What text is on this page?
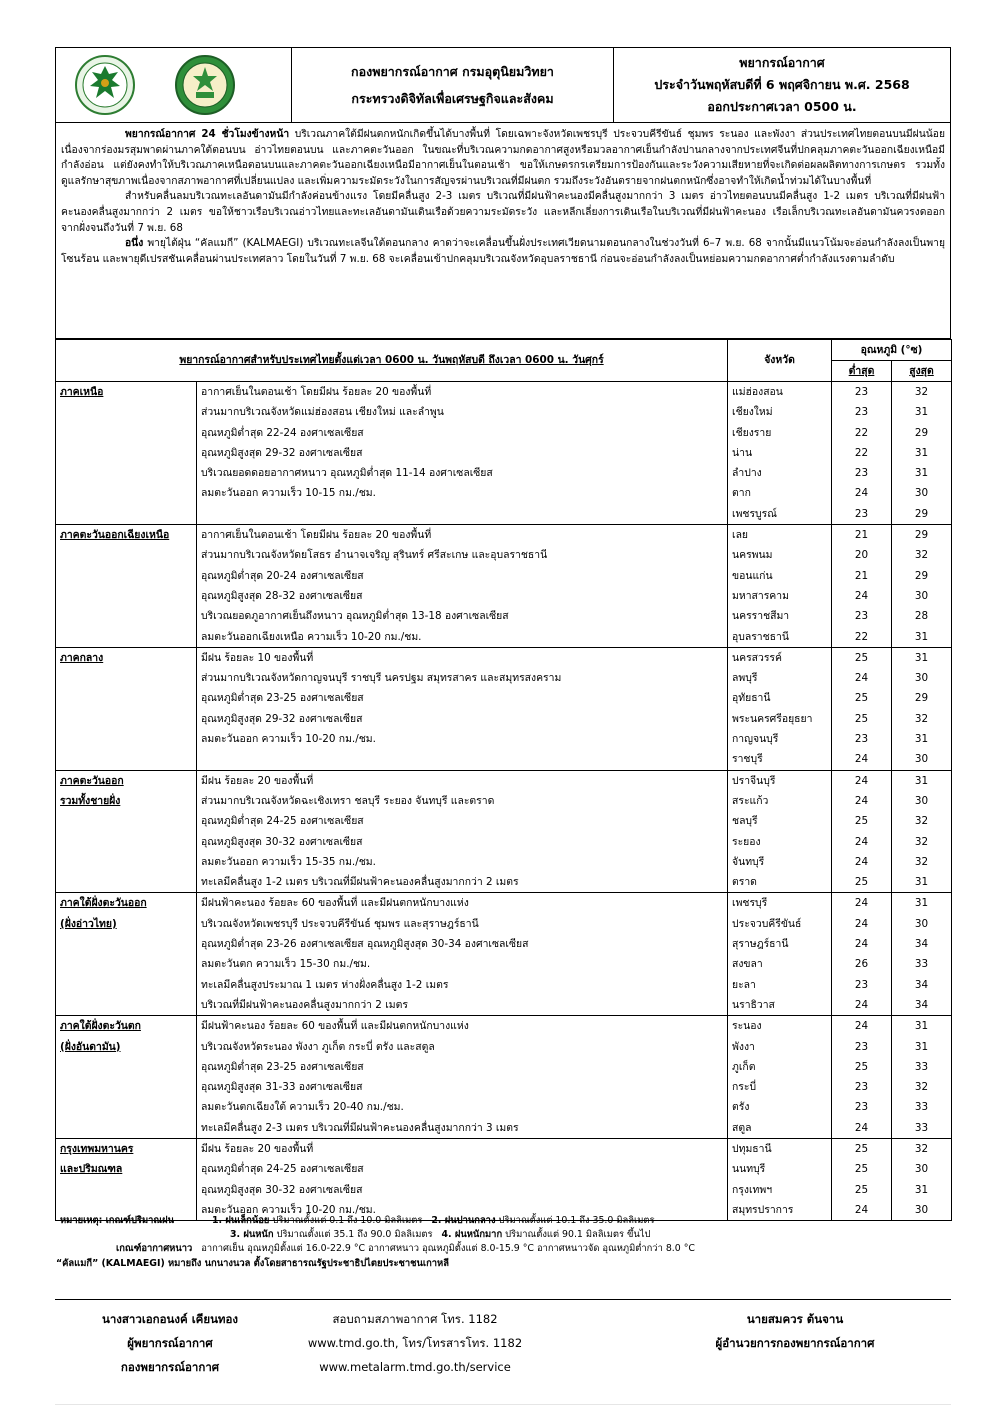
กองพยากรณ์อากาศ กรมอุตุนิยมวิทยา
กระทรวงดิจิทัลเพื่อเศรษฐกิจและสังคม
พยากรณ์อากาศ
ประจำวันพฤหัสบดีที่ 6 พฤศจิกายน พ.ศ. 2568
ออกประกาศเวลา 0500 น.

พยากรณ์อากาศ 24 ชั่วโมงข้างหน้า บริเวณภาคใต้มีฝนตกหนักเกิดขึ้นได้บางพื้นที่ โดยเฉพาะจังหวัดเพชรบุรี ประจวบคีรีขันธ์ ชุมพร ระนอง และพังงา ส่วนประเทศไทยตอนบนมีฝนน้อย เนื่องจากร่องมรสุมพาดผ่านภาคใต้ตอนบน อ่าวไทยตอนบน และภาคตะวันออก ในขณะที่บริเวณความกดอากาศสูงหรือมวลอากาศเย็นกำลังปานกลางจากประเทศจีนที่ปกคลุมภาคตะวันออกเฉียงเหนือมีกำลังอ่อน แต่ยังคงทำให้บริเวณภาคเหนือตอนบนและภาคตะวันออกเฉียงเหนือมีอากาศเย็นในตอนเช้า ขอให้เกษตรกรเตรียมการป้องกันและระวังความเสียหายที่จะเกิดต่อผลผลิตทางการเกษตร รวมทั้งดูแลรักษาสุขภาพเนื่องจากสภาพอากาศที่เปลี่ยนแปลง และเพิ่มความระมัดระวังในการสัญจรผ่านบริเวณที่มีฝนตก รวมถึงระวังอันตรายจากฝนตกหนักซึ่งอาจทำให้เกิดน้ำท่วมได้ในบางพื้นที่

สำหรับคลื่นลมบริเวณทะเลอันดามันมีกำลังค่อนข้างแรง โดยมีคลื่นสูง 2-3 เมตร บริเวณที่มีฝนฟ้าคะนองมีคลื่นสูงมากกว่า 3 เมตร อ่าวไทยตอนบนมีคลื่นสูง 1-2 เมตร บริเวณที่มีฝนฟ้าคะนองคลื่นสูงมากกว่า 2 เมตร ขอให้ชาวเรือบริเวณอ่าวไทยและทะเลอันดามันเดินเรือด้วยความระมัดระวัง และหลีกเลี่ยงการเดินเรือในบริเวณที่มีฝนฟ้าคะนอง เรือเล็กบริเวณทะเลอันดามันควรงดออกจากฝั่งจนถึงวันที่ 7 พ.ย. 68

อนึ่ง พายุไต้ฝุ่น “คัลแมกี” (KALMAEGI) บริเวณทะเลจีนใต้ตอนกลาง คาดว่าจะเคลื่อนขึ้นฝั่งประเทศเวียดนามตอนกลางในช่วงวันที่ 6–7 พ.ย. 68 จากนั้นมีแนวโน้มจะอ่อนกำลังลงเป็นพายุโซนร้อน และพายุดีเปรสชันเคลื่อนผ่านประเทศลาว โดยในวันที่ 7 พ.ย. 68 จะเคลื่อนเข้าปกคลุมบริเวณจังหวัดอุบลราชธานี ก่อนจะอ่อนกำลังลงเป็นหย่อมความกดอากาศต่ำกำลังแรงตามลำดับ

พยากรณ์อากาศสำหรับประเทศไทยตั้งแต่เวลา 0600 น. วันพฤหัสบดี ถึงเวลา 0600 น. วันศุกร์		จังหวัด	อุณหภูมิ (°ซ)	
			ต่ำสุด	สูงสุด
ภาคเหนือ	อากาศเย็นในตอนเช้า โดยมีฝน ร้อยละ 20 ของพื้นที่	แม่ฮ่องสอน	23	32
	ส่วนมากบริเวณจังหวัดแม่ฮ่องสอน เชียงใหม่ และลำพูน	เชียงใหม่	23	31
	อุณหภูมิต่ำสุด 22-24 องศาเซลเซียส	เชียงราย	22	29
	อุณหภูมิสูงสุด 29-32 องศาเซลเซียส	น่าน	22	31
	บริเวณยอดดอยอากาศหนาว อุณหภูมิต่ำสุด 11-14 องศาเซลเซียส	ลำปาง	23	31
	ลมตะวันออก ความเร็ว 10-15 กม./ชม.	ตาก	24	30
		เพชรบูรณ์	23	29
ภาคตะวันออกเฉียงเหนือ	อากาศเย็นในตอนเช้า โดยมีฝน ร้อยละ 20 ของพื้นที่	เลย	21	29
	ส่วนมากบริเวณจังหวัดยโสธร อำนาจเจริญ สุรินทร์ ศรีสะเกษ และอุบลราชธานี	นครพนม	20	32
	อุณหภูมิต่ำสุด 20-24 องศาเซลเซียส	ขอนแก่น	21	29
	อุณหภูมิสูงสุด 28-32 องศาเซลเซียส	มหาสารคาม	24	30
	บริเวณยอดภูอากาศเย็นถึงหนาว อุณหภูมิต่ำสุด 13-18 องศาเซลเซียส	นครราชสีมา	23	28
	ลมตะวันออกเฉียงเหนือ ความเร็ว 10-20 กม./ชม.	อุบลราชธานี	22	31
ภาคกลาง	มีฝน ร้อยละ 10 ของพื้นที่	นครสวรรค์	25	31
	ส่วนมากบริเวณจังหวัดกาญจนบุรี ราชบุรี นครปฐม สมุทรสาคร และสมุทรสงคราม	ลพบุรี	24	30
	อุณหภูมิต่ำสุด 23-25 องศาเซลเซียส	อุทัยธานี	25	29
	อุณหภูมิสูงสุด 29-32 องศาเซลเซียส	พระนครศรีอยุธยา	25	32
	ลมตะวันออก ความเร็ว 10-20 กม./ชม.	กาญจนบุรี	23	31
		ราชบุรี	24	30
ภาคตะวันออก	มีฝน ร้อยละ 20 ของพื้นที่	ปราจีนบุรี	24	31
รวมทั้งชายฝั่ง	ส่วนมากบริเวณจังหวัดฉะเชิงเทรา ชลบุรี ระยอง จันทบุรี และตราด	สระแก้ว	24	30
	อุณหภูมิต่ำสุด 24-25 องศาเซลเซียส	ชลบุรี	25	32
	อุณหภูมิสูงสุด 30-32 องศาเซลเซียส	ระยอง	24	32
	ลมตะวันออก ความเร็ว 15-35 กม./ชม.	จันทบุรี	24	32
	ทะเลมีคลื่นสูง 1-2 เมตร บริเวณที่มีฝนฟ้าคะนองคลื่นสูงมากกว่า 2 เมตร	ตราด	25	31
ภาคใต้ฝั่งตะวันออก	มีฝนฟ้าคะนอง ร้อยละ 60 ของพื้นที่ และมีฝนตกหนักบางแห่ง	เพชรบุรี	24	31
(ฝั่งอ่าวไทย)	บริเวณจังหวัดเพชรบุรี ประจวบคีรีขันธ์ ชุมพร และสุราษฎร์ธานี	ประจวบคีรีขันธ์	24	30
	อุณหภูมิต่ำสุด 23-26 องศาเซลเซียส อุณหภูมิสูงสุด 30-34 องศาเซลเซียส	สุราษฎร์ธานี	24	34
	ลมตะวันตก ความเร็ว 15-30 กม./ชม.	สงขลา	26	33
	ทะเลมีคลื่นสูงประมาณ 1 เมตร ห่างฝั่งคลื่นสูง 1-2 เมตร	ยะลา	23	34
	บริเวณที่มีฝนฟ้าคะนองคลื่นสูงมากกว่า 2 เมตร	นราธิวาส	24	34
ภาคใต้ฝั่งตะวันตก	มีฝนฟ้าคะนอง ร้อยละ 60 ของพื้นที่ และมีฝนตกหนักบางแห่ง	ระนอง	24	31
(ฝั่งอันดามัน)	บริเวณจังหวัดระนอง พังงา ภูเก็ต กระบี่ ตรัง และสตูล	พังงา	23	31
	อุณหภูมิต่ำสุด 23-25 องศาเซลเซียส	ภูเก็ต	25	33
	อุณหภูมิสูงสุด 31-33 องศาเซลเซียส	กระบี่	23	32
	ลมตะวันตกเฉียงใต้ ความเร็ว 20-40 กม./ชม.	ตรัง	23	33
	ทะเลมีคลื่นสูง 2-3 เมตร บริเวณที่มีฝนฟ้าคะนองคลื่นสูงมากกว่า 3 เมตร	สตูล	24	33
กรุงเทพมหานคร	มีฝน ร้อยละ 20 ของพื้นที่	ปทุมธานี	25	32
และปริมณฑล	อุณหภูมิต่ำสุด 24-25 องศาเซลเซียส	นนทบุรี	25	30
	อุณหภูมิสูงสุด 30-32 องศาเซลเซียส	กรุงเทพฯ	25	31
	ลมตะวันออก ความเร็ว 10-20 กม./ชม.	สมุทรปราการ	24	30
หมายเหตุ: เกณฑ์ปริมาณฝน	1. ฝนเล็กน้อย ปริมาณตั้งแต่ 0.1 ถึง 10.0 มิลลิเมตร 2. ฝนปานกลาง ปริมาณตั้งแต่ 10.1 ถึง 35.0 มิลลิเมตร
3. ฝนหนัก ปริมาณตั้งแต่ 35.1 ถึง 90.0 มิลลิเมตร 4. ฝนหนักมาก ปริมาณตั้งแต่ 90.1 มิลลิเมตร ขึ้นไป
เกณฑ์อากาศหนาว อากาศเย็น อุณหภูมิตั้งแต่ 16.0-22.9 °C อากาศหนาว อุณหภูมิตั้งแต่ 8.0-15.9 °C อากาศหนาวจัด อุณหภูมิต่ำกว่า 8.0 °C
“คัลแมกี” (KALMAEGI) หมายถึง นกนางนวล ตั้งโดยสาธารณรัฐประชาธิปไตยประชาชนเกาหลี
นางสาวเอกอนงค์ เคียนทอง
ผู้พยากรณ์อากาศ
กองพยากรณ์อากาศ
สอบถามสภาพอากาศ โทร. 1182
www.tmd.go.th, โทร/โทรสารโทร. 1182
www.metalarm.tmd.go.th/service
นายสมควร ต้นจาน
ผู้อำนวยการกองพยากรณ์อากาศ
